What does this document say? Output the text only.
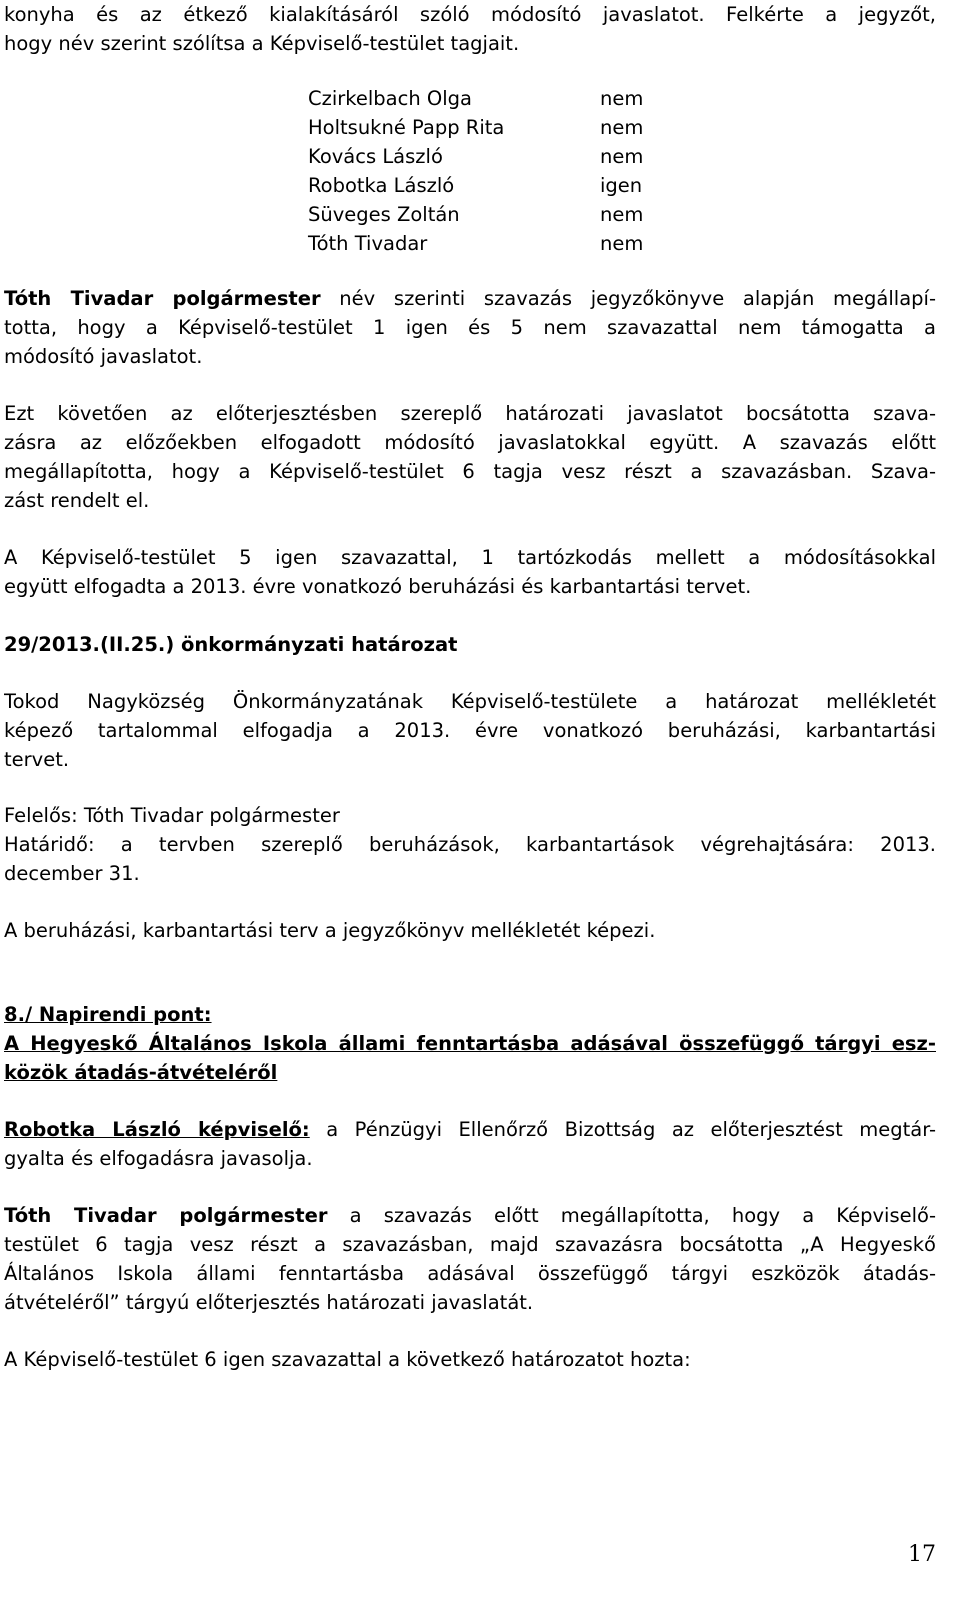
konyha és az étkező kialakításáról szóló módosító javaslatot. Felkérte a jegyzőt,
hogy név szerint szólítsa a Képviselő-testület tagjait.
Czirkelbach Olga	nem
Holtsukné Papp Rita	nem
Kovács László	nem
Robotka László	igen
Süveges Zoltán	nem
Tóth Tivadar	nem
Tóth Tivadar polgármester név szerinti szavazás jegyzőkönyve alapján megállapí-
totta, hogy a Képviselő-testület 1 igen és 5 nem szavazattal nem támogatta a
módosító javaslatot.
Ezt követően az előterjesztésben szereplő határozati javaslatot bocsátotta szava-
zásra az előzőekben elfogadott módosító javaslatokkal együtt. A szavazás előtt
megállapította, hogy a Képviselő-testület 6 tagja vesz részt a szavazásban. Szava-
zást rendelt el.
A Képviselő-testület 5 igen szavazattal, 1 tartózkodás mellett a módosításokkal
együtt elfogadta a 2013. évre vonatkozó beruházási és karbantartási tervet.
29/2013.(II.25.) önkormányzati határozat
Tokod Nagyközség Önkormányzatának Képviselő-testülete a határozat mellékletét
képező tartalommal elfogadja a 2013. évre vonatkozó beruházási, karbantartási
tervet.
Felelős: Tóth Tivadar polgármester
Határidő: a tervben szereplő beruházások, karbantartások végrehajtására: 2013.
december 31.
A beruházási, karbantartási terv a jegyzőkönyv mellékletét képezi.
8./ Napirendi pont:
A Hegyeskő Általános Iskola állami fenntartásba adásával összefüggő tárgyi esz-
közök átadás-átvételéről
Robotka László képviselő: a Pénzügyi Ellenőrző Bizottság az előterjesztést megtár-
gyalta és elfogadásra javasolja.
Tóth Tivadar polgármester a szavazás előtt megállapította, hogy a Képviselő-
testület 6 tagja vesz részt a szavazásban, majd szavazásra bocsátotta „A Hegyeskő
Általános Iskola állami fenntartásba adásával összefüggő tárgyi eszközök átadás-
átvételéről” tárgyú előterjesztés határozati javaslatát.
A Képviselő-testület 6 igen szavazattal a következő határozatot hozta:
17
